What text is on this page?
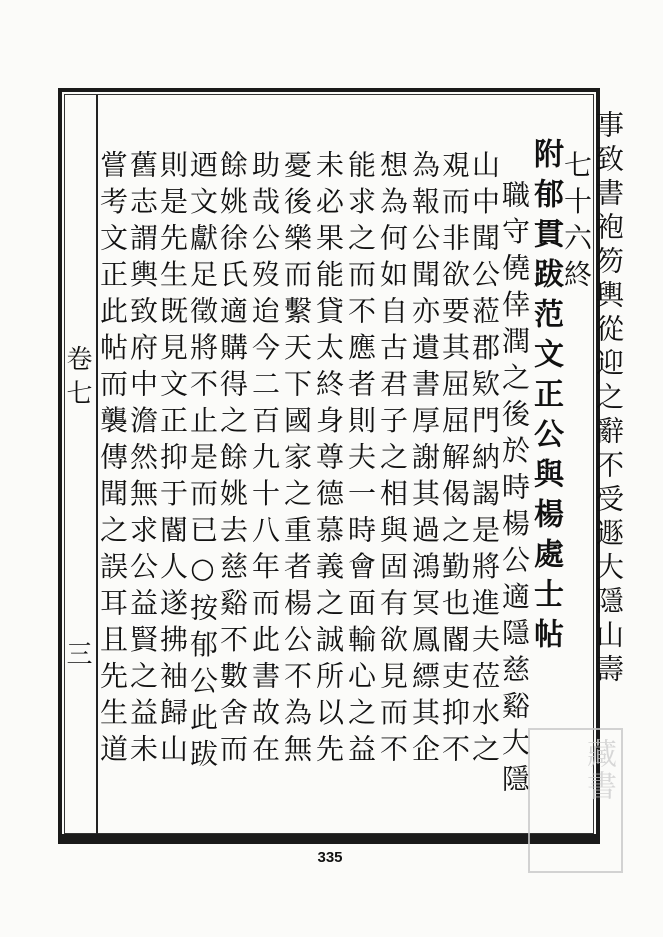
卷七
三	事致書袍笏輿從迎之辭不受遯大隱山壽
七十六終
附郁貫跋范文正公與楊處士帖
職守僥倖潤之後於時楊公適隱慈谿大隱
山中聞公蒞郡欵門納謁是將進夫莅水之
覌而非欲要其屈屈解偈之勤也閽吏抑不
為報公聞亦遺書厚謝其過鴻冥鳳縹其企
想為何如自古君子之相與固有欲見而不
能求之而不應者則夫一時會面輸心之益
未必果能貸太終身尊德慕義之誠所以先
憂後樂而繫天下國家之重者楊公不為無
助哉公歿迨今二百九十八年而此書故在
餘姚徐氏適購得之餘姚去慈谿不數舍而
迺文獻足徵將不止是而已○按郁公此跋
則是先生既見文正抑于閽人遂拂袖歸山
335
藏書
舊志謂輿致府中澹然無求公益賢之益未
嘗考文正此帖而襲傳聞之誤耳且先生道
